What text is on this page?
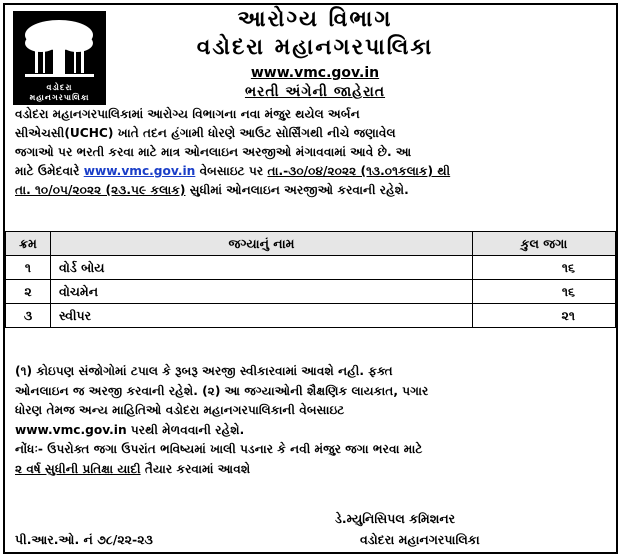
વડોદરા
મહાનગરપાલિકા
આરોગ્ય વિભાગ
વડોદરા મહાનગરપાલિકા
www.vmc.gov.in
ભરતી અંગેની જાહેરાત
વડોદરા મહાનગરપાલિકામાં આરોગ્ય વિભાગના નવા મંજુર થયેલ અર્બન
સીએચસી(UCHC) ખાતે તદન હંગામી ધોરણે આઉટ સોર્સિંગથી નીચે જણાવેલ
જગાઓ પર ભરતી કરવા માટે માત્ર ઓનલાઇન અરજીઓ મંગાવવામાં આવે છે. આ
માટે ઉમેદવારે www.vmc.gov.in વેબસાઇટ પર તા.-૩૦/૦૪/૨૦૨૨ (૧૩.૦૧કલાક) થી
તા. ૧૦/૦૫/૨૦૨૨ (૨૩.૫૯ કલાક) સુધીમાં ઓનલાઇન અરજીઓ કરવાની રહેશે.
ક્રમ	જગ્યાનું નામ	કુલ જગા
૧	વોર્ડ બોય	૧૬
૨	વોચમેન	૧૬
૩	સ્વીપર	૨૧
(૧) કોઇપણ સંજોગોમાં ટપાલ કે રૂબરૂ અરજી સ્વીકારવામાં આવશે નહી. ફક્ત
ઓનલાઇન જ અરજી કરવાની રહેશે. (૨) આ જગ્યાઓની શૈક્ષણિક લાયકાત, પગાર
ધોરણ તેમજ અન્ય માહિતિઓ વડોદરા મહાનગરપાલિકાની વેબસાઇટ
www.vmc.gov.in પરથી મેળવવાની રહેશે.
નોંધઃ- ઉપરોક્ત જગા ઉપરાંત ભવિષ્યમાં ખાલી પડનાર કે નવી મંજુર જગા ભરવા માટે
૨ વર્ષ સુધીની પ્રતિક્ષા યાદી તૈયાર કરવામાં આવશે
ડે.મ્યુનિસિપલ કમિશનર
પી.આર.ઓ. નં ૭૮/૨૨-૨૩	વડોદરા મહાનગરપાલિકા
